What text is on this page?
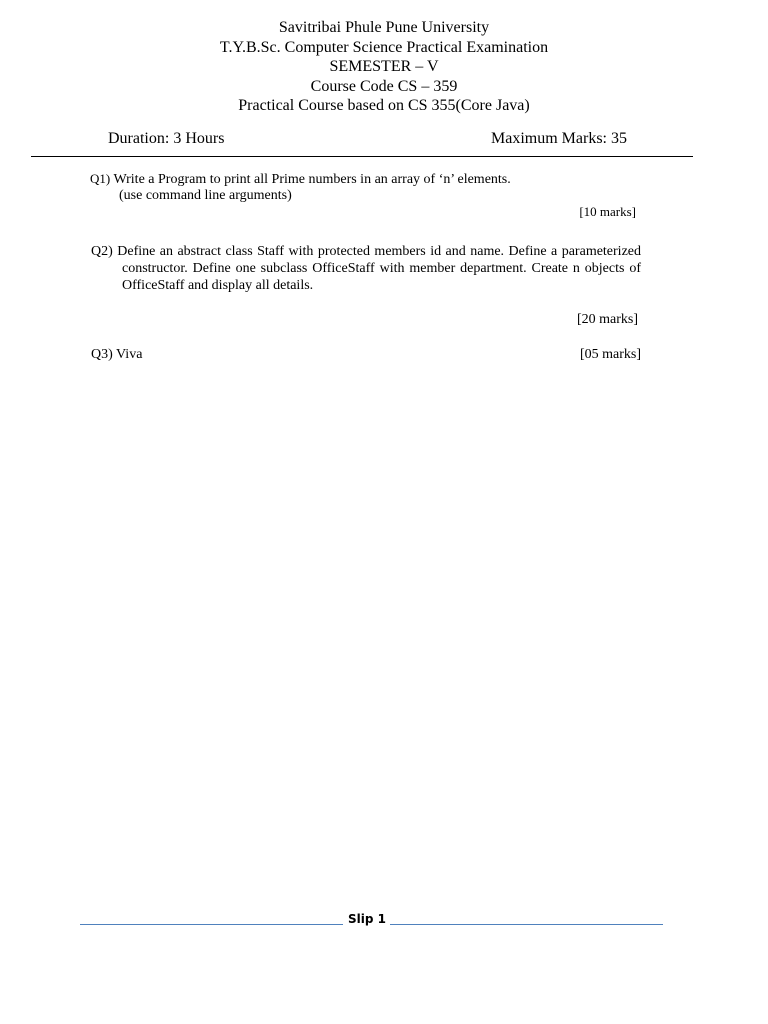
Savitribai Phule Pune University
T.Y.B.Sc. Computer Science Practical Examination
SEMESTER – V
Course Code CS – 359
Practical Course based on CS 355(Core Java)
Duration: 3 Hours	Maximum Marks: 35
Q1) Write a Program to print all Prime numbers in an array of ‘n’ elements.
(use command line arguments)
[10 marks]
Q2) Define an abstract class Staff with protected members id and name. Define a parameterized
constructor. Define one subclass OfficeStaff with member department. Create n objects of
OfficeStaff and display all details.
[20 marks]
Q3) Viva	[05 marks]
Slip 1
